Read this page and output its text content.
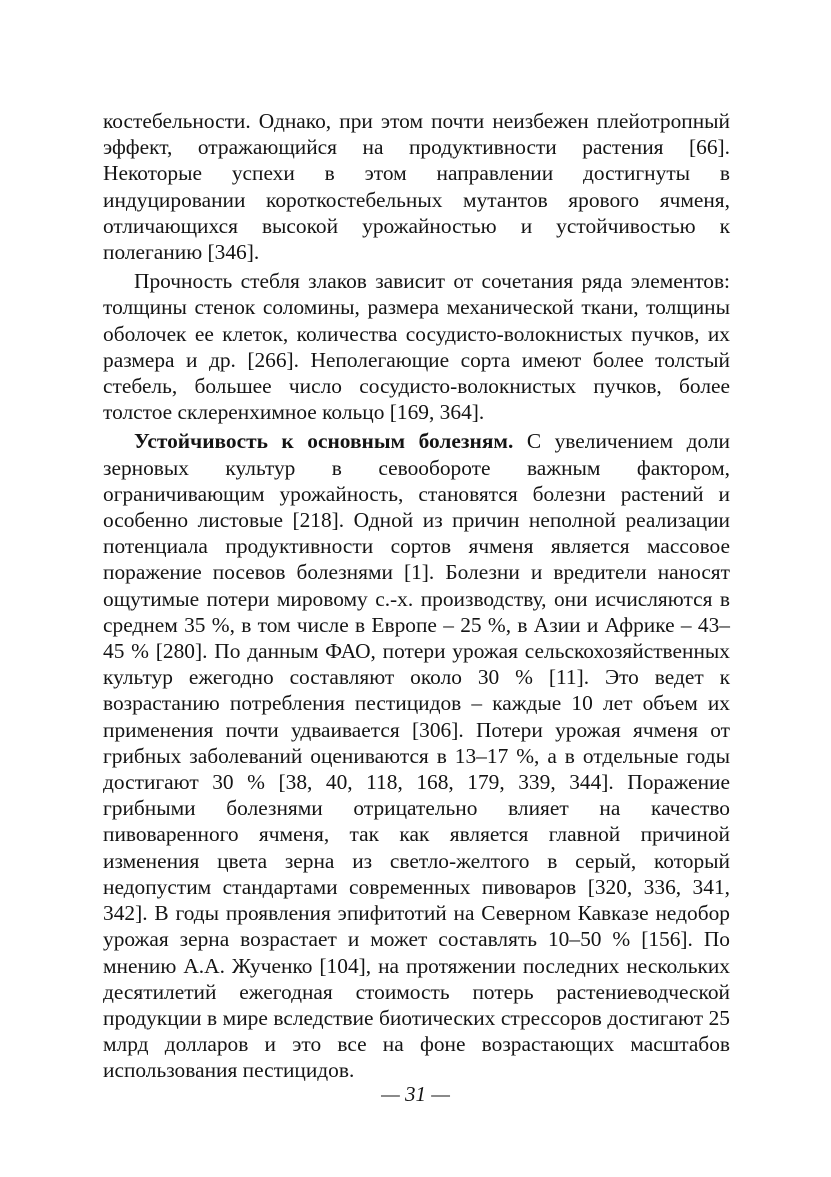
костебельности. Однако, при этом почти неизбежен плейотропный эффект, отражающийся на продуктивности растения [66]. Некоторые успехи в этом направлении достигнуты в индуцировании короткостебельных мутантов ярового ячменя, отличающихся высокой урожайностью и устойчивостью к полеганию [346].

Прочность стебля злаков зависит от сочетания ряда элементов: толщины стенок соломины, размера механической ткани, толщины оболочек ее клеток, количества сосудисто-волокнистых пучков, их размера и др. [266]. Неполегающие сорта имеют более толстый стебель, большее число сосудисто-волокнистых пучков, более толстое склеренхимное кольцо [169, 364].

Устойчивость к основным болезням. С увеличением доли зерновых культур в севообороте важным фактором, ограничивающим урожайность, становятся болезни растений и особенно листовые [218]. Одной из причин неполной реализации потенциала продуктивности сортов ячменя является массовое поражение посевов болезнями [1]. Болезни и вредители наносят ощутимые потери мировому с.-х. производству, они исчисляются в среднем 35 %, в том числе в Европе – 25 %, в Азии и Африке – 43–45 % [280]. По данным ФАО, потери урожая сельскохозяйственных культур ежегодно составляют около 30 % [11]. Это ведет к возрастанию потребления пестицидов – каждые 10 лет объем их применения почти удваивается [306]. Потери урожая ячменя от грибных заболеваний оцениваются в 13–17 %, а в отдельные годы достигают 30 % [38, 40, 118, 168, 179, 339, 344]. Поражение грибными болезнями отрицательно влияет на качество пивоваренного ячменя, так как является главной причиной изменения цвета зерна из светло-желтого в серый, который недопустим стандартами современных пивоваров [320, 336, 341, 342]. В годы проявления эпифитотий на Северном Кавказе недобор урожая зерна возрастает и может составлять 10–50 % [156]. По мнению А.А. Жученко [104], на протяжении последних нескольких десятилетий ежегодная стоимость потерь растениеводческой продукции в мире вследствие биотических стрессоров достигают 25 млрд долларов и это все на фоне возрастающих масштабов использования пестицидов.

— 31 —
